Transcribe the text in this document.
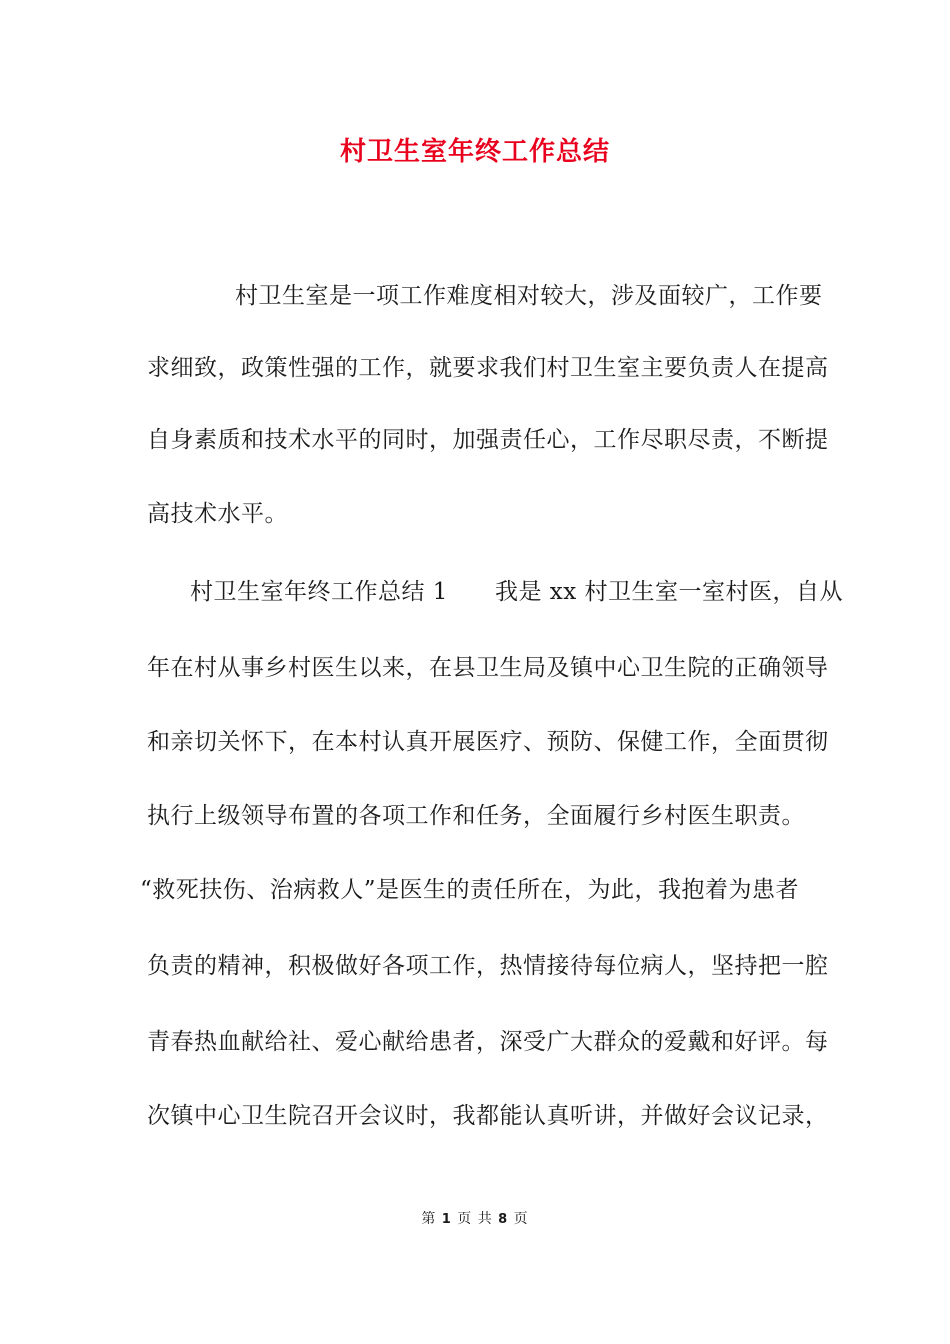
村卫生室年终工作总结
村卫生室是一项工作难度相对较大，涉及面较广，工作要
求细致，政策性强的工作，就要求我们村卫生室主要负责人在提高
自身素质和技术水平的同时，加强责任心，工作尽职尽责，不断提
高技术水平。
村卫生室年终工作总结 1　　我是 xx 村卫生室一室村医，自从
年在村从事乡村医生以来，在县卫生局及镇中心卫生院的正确领导
和亲切关怀下，在本村认真开展医疗、预防、保健工作，全面贯彻
执行上级领导布置的各项工作和任务，全面履行乡村医生职责。
“救死扶伤、治病救人”是医生的责任所在，为此，我抱着为患者
负责的精神，积极做好各项工作，热情接待每位病人，坚持把一腔
青春热血献给社、爱心献给患者，深受广大群众的爱戴和好评。每
次镇中心卫生院召开会议时，我都能认真听讲，并做好会议记录，
第 1 页 共 8 页
